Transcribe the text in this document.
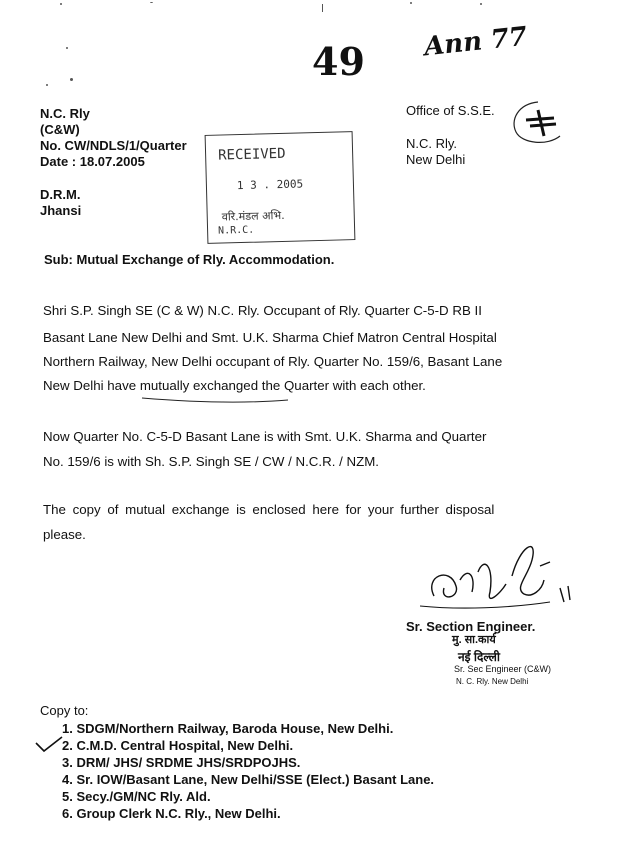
49 Ann 77
N.C. Rly
(C&W)
No. CW/NDLS/1/Quarter
Date : 18.07.2005
D.R.M.
Jhansi
RECEIVED
1 3 . 2005
वरि.मंडल अभि.
N.R.C.
Office of S.S.E.
N.C. Rly.
New Delhi
Sub: Mutual Exchange of Rly. Accommodation.
Shri S.P. Singh SE (C & W) N.C. Rly. Occupant of Rly. Quarter C-5-D RB II
Basant Lane New Delhi and Smt. U.K. Sharma Chief Matron Central Hospital
Northern Railway, New Delhi occupant of Rly. Quarter No. 159/6, Basant Lane
New Delhi have mutually exchanged the Quarter with each other.
Now Quarter No. C-5-D Basant Lane is with Smt. U.K. Sharma and Quarter
No. 159/6 is with Sh. S.P. Singh SE / CW / N.C.R. / NZM.
The copy of mutual exchange is enclosed here for your further disposal
please.
Sr. Section Engineer.
मु. सा.कार्य
नई दिल्ली
Sr. Sec Engineer (C&W)
N. C. Rly. New Delhi
Copy to:
1. SDGM/Northern Railway, Baroda House, New Delhi.
2. C.M.D. Central Hospital, New Delhi.
3. DRM/ JHS/ SRDME JHS/SRDPOJHS.
4. Sr. IOW/Basant Lane, New Delhi/SSE (Elect.) Basant Lane.
5. Secy./GM/NC Rly. Ald.
6. Group Clerk N.C. Rly., New Delhi.
